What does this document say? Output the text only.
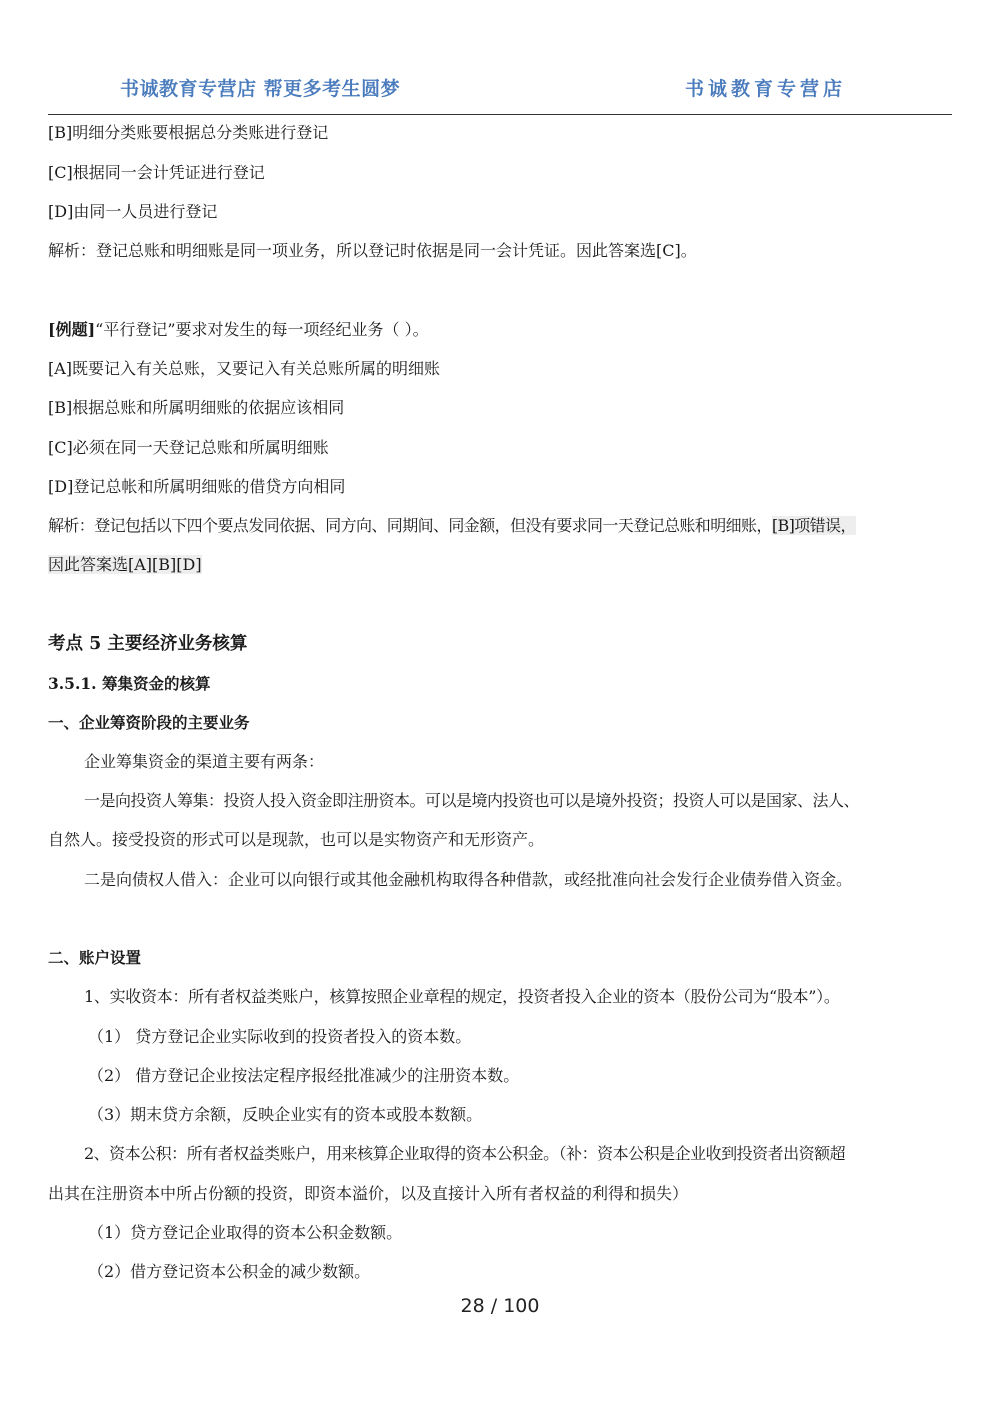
书诚教育专营店 帮更多考生圆梦	书诚教育专营店
[B]明细分类账要根据总分类账进行登记
[C]根据同一会计凭证进行登记
[D]由同一人员进行登记
解析：登记总账和明细账是同一项业务，所以登记时依据是同一会计凭证。因此答案选[C]。
[例题]“平行登记”要求对发生的每一项经纪业务（ ）。
[A]既要记入有关总账，又要记入有关总账所属的明细账
[B]根据总账和所属明细账的依据应该相同
[C]必须在同一天登记总账和所属明细账
[D]登记总帐和所属明细账的借贷方向相同
解析：登记包括以下四个要点发同依据、同方向、同期间、同金额，但没有要求同一天登记总账和明细账，[B]项错误，
因此答案选[A][B][D]
考点 5 主要经济业务核算
3.5.1. 筹集资金的核算
一、企业筹资阶段的主要业务
企业筹集资金的渠道主要有两条：
一是向投资人筹集：投资人投入资金即注册资本。可以是境内投资也可以是境外投资；投资人可以是国家、法人、
自然人。接受投资的形式可以是现款，也可以是实物资产和无形资产。
二是向债权人借入：企业可以向银行或其他金融机构取得各种借款，或经批准向社会发行企业债券借入资金。
二、账户设置
1、实收资本：所有者权益类账户，核算按照企业章程的规定，投资者投入企业的资本（股份公司为“股本”）。
（1） 贷方登记企业实际收到的投资者投入的资本数。
（2） 借方登记企业按法定程序报经批准减少的注册资本数。
（3）期末贷方余额，反映企业实有的资本或股本数额。
2、资本公积：所有者权益类账户，用来核算企业取得的资本公积金。（补：资本公积是企业收到投资者出资额超
出其在注册资本中所占份额的投资，即资本溢价，以及直接计入所有者权益的利得和损失）
（1）贷方登记企业取得的资本公积金数额。
（2）借方登记资本公积金的减少数额。
28 / 100
